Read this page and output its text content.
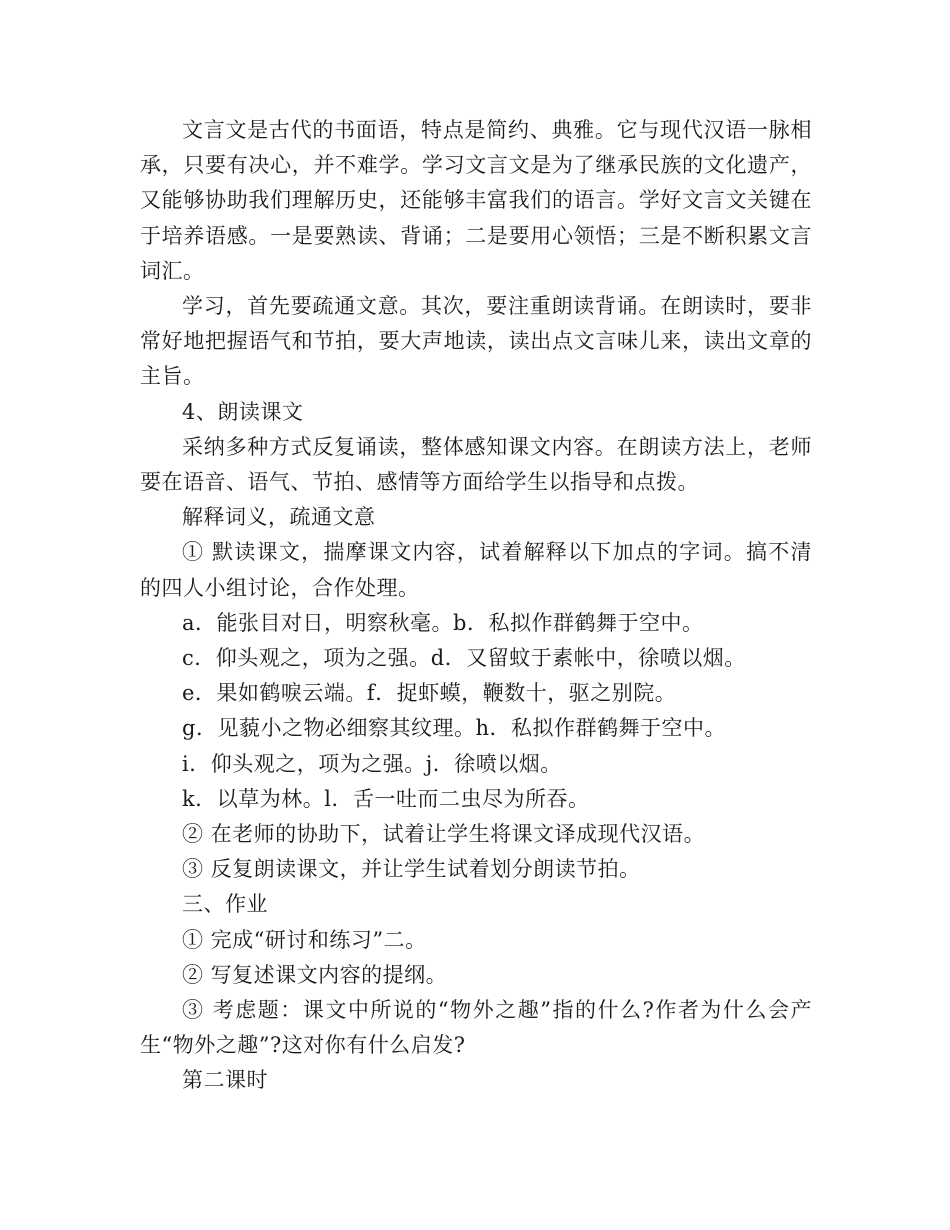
文言文是古代的书面语，特点是简约、典雅。它与现代汉语一脉相承，只要有决心，并不难学。学习文言文是为了继承民族的文化遗产，又能够协助我们理解历史，还能够丰富我们的语言。学好文言文关键在于培养语感。一是要熟读、背诵；二是要用心领悟；三是不断积累文言词汇。

学习，首先要疏通文意。其次，要注重朗读背诵。在朗读时，要非常好地把握语气和节拍，要大声地读，读出点文言味儿来，读出文章的主旨。

4、朗读课文

采纳多种方式反复诵读，整体感知课文内容。在朗读方法上，老师要在语音、语气、节拍、感情等方面给学生以指导和点拨。

解释词义，疏通文意

① 默读课文，揣摩课文内容，试着解释以下加点的字词。搞不清的四人小组讨论，合作处理。

a．能张目对日，明察秋毫。b．私拟作群鹤舞于空中。

c．仰头观之，项为之强。d．又留蚊于素帐中，徐喷以烟。

e．果如鹤唳云端。f．捉虾蟆，鞭数十，驱之别院。

g．见藐小之物必细察其纹理。h．私拟作群鹤舞于空中。

i．仰头观之，项为之强。j．徐喷以烟。

k．以草为林。l．舌一吐而二虫尽为所吞。

② 在老师的协助下，试着让学生将课文译成现代汉语。

③ 反复朗读课文，并让学生试着划分朗读节拍。

三、作业

① 完成“研讨和练习”二。

② 写复述课文内容的提纲。

③ 考虑题：课文中所说的“物外之趣”指的什么?作者为什么会产生“物外之趣”?这对你有什么启发?

第二课时
